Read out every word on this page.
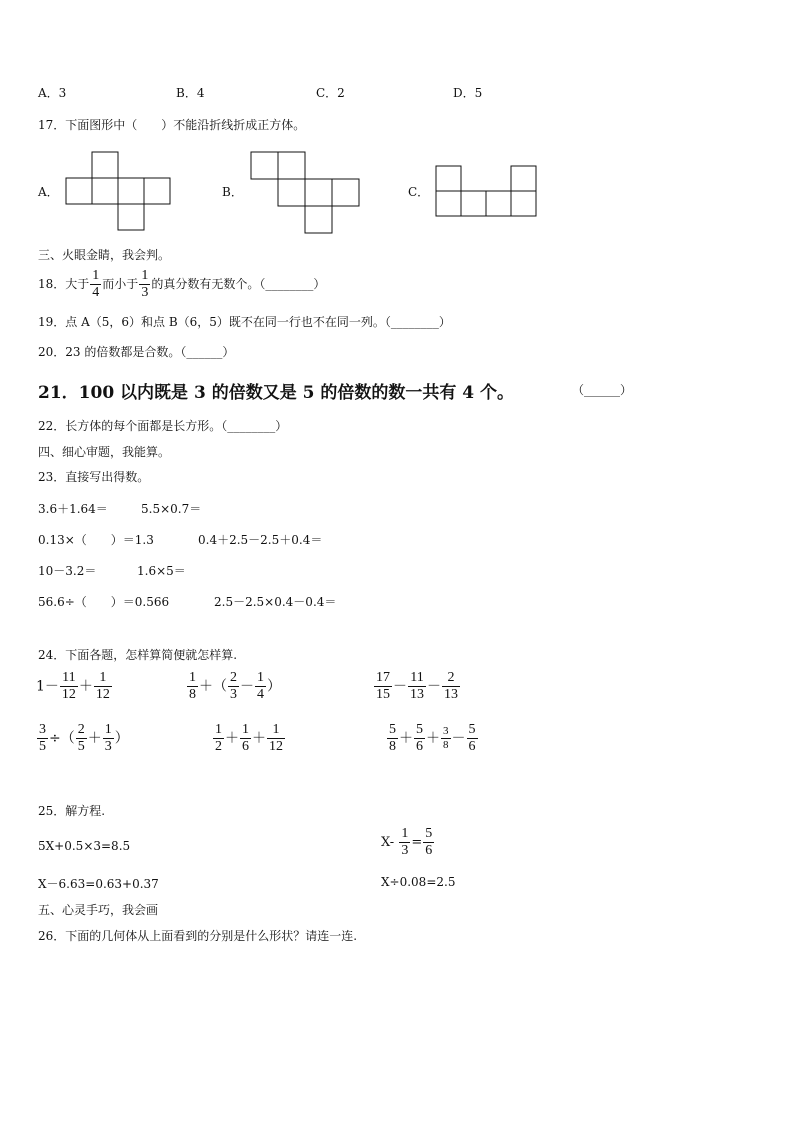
A．3	B．4	C．2	D．5
17．下面图形中（　　）不能沿折线折成正方体。
A．	B．	C．
三、火眼金睛，我会判。
18．大于 $\frac{1}{4}$ 而小于 $\frac{1}{3}$ 的真分数有无数个。（________）
19．点 A（5，6）和点 B（6，5）既不在同一行也不在同一列。（________）
20．23 的倍数都是合数。（______）
21．100 以内既是 3 的倍数又是 5 的倍数的数一共有 4 个。	（______）
22．长方体的每个面都是长方形。（________）
四、细心审题，我能算。
23．直接写出得数。
3.6＋1.64＝	5.5×0.7＝
0.13×（　　）＝1.3	0.4＋2.5－2.5＋0.4＝
10－3.2＝	1.6×5＝
56.6÷（　　）＝0.566	2.5－2.5×0.4－0.4＝
24．下面各题，怎样算简便就怎样算.
$1- \frac{11}{12} + \frac{1}{12}$	$\frac{1}{8}$ ＋（ $\frac{2}{3} - \frac{1}{4}$ ）	$\frac{17}{15} - \frac{11}{13} - \frac{2}{13}$
$\frac{3}{5}$ ÷（ $\frac{2}{5} + \frac{1}{3}$ ）	$\frac{1}{2} + \frac{1}{6} + \frac{1}{12}$	$\frac{5}{8} + \frac{5}{6} + \frac{3}{8} - \frac{5}{6}$
25．解方程.
5X+0.5×3=8.5	$X- \frac{1}{3} = \frac{5}{6}$
X－6.63=0.63+0.37	X÷0.08=2.5
五、心灵手巧，我会画
26．下面的几何体从上面看到的分别是什么形状？请连一连.
